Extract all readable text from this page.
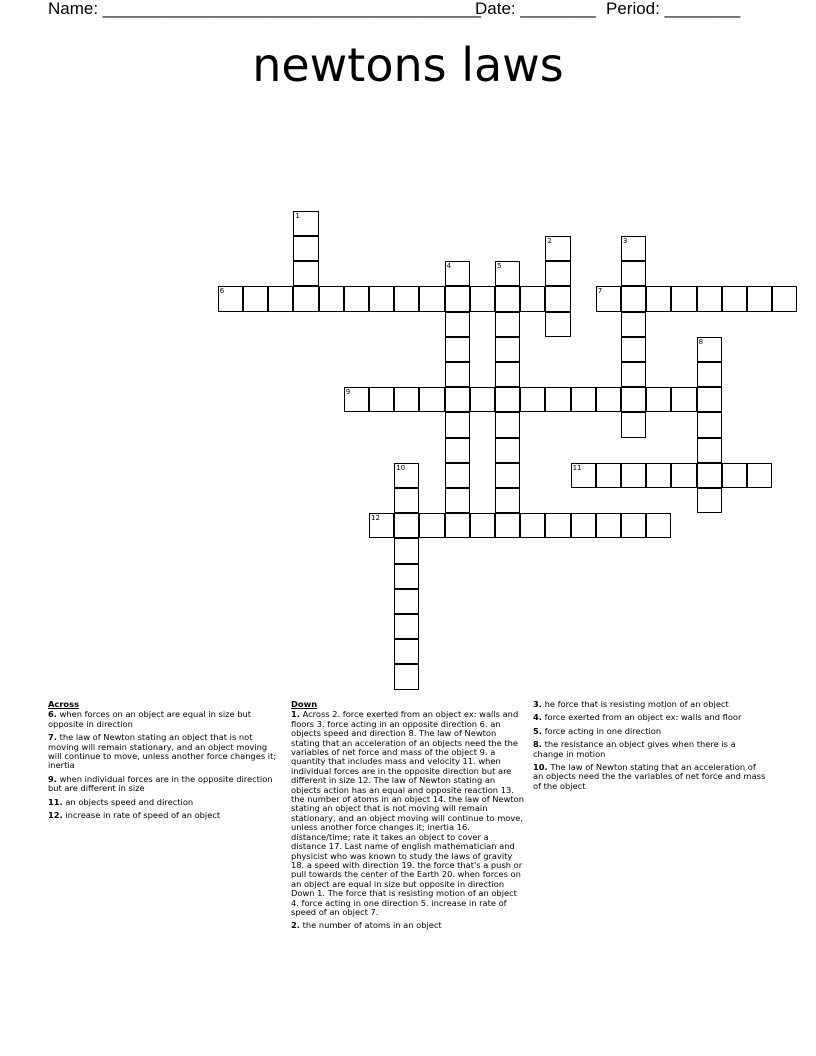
Name: ________________________________________
Date: ________ Period: ________
newtons laws
1
2	3
4	5
6	7
8
9
10	11
12
Across
6. when forces on an object are equal in size but opposite in direction
7. the law of Newton stating an object that is not moving will remain stationary, and an object moving will continue to move, unless another force changes it; inertia
9. when individual forces are in the opposite direction but are different in size
11. an objects speed and direction
12. increase in rate of speed of an object
Down
1. Across 2. force exerted from an object ex: walls and floors 3. force acting in an opposite direction 6. an objects speed and direction 8. The law of Newton stating that an acceleration of an objects need the the variables of net force and mass of the object 9. a quantity that includes mass and velocity 11. when individual forces are in the opposite direction but are different in size 12. The law of Newton stating an objects action has an equal and opposite reaction 13. the number of atoms in an object 14. the law of Newton stating an object that is not moving will remain stationary, and an object moving will continue to move, unless another force changes it; inertia 16. distance/time; rate it takes an object to cover a distance 17. Last name of english mathematician and physicist who was known to study the laws of gravity 18. a speed with direction 19. the force that's a push or pull towards the center of the Earth 20. when forces on an object are equal in size but opposite in direction Down 1. The force that is resisting motion of an object 4. force acting in one direction 5. increase in rate of speed of an object 7.
2. the number of atoms in an object
3. he force that is resisting motion of an object
4. force exerted from an object ex: walls and floor
5. force acting in one direction
8. the resistance an object gives when there is a change in motion
10. The law of Newton stating that an acceleration of an objects need the the variables of net force and mass of the object
